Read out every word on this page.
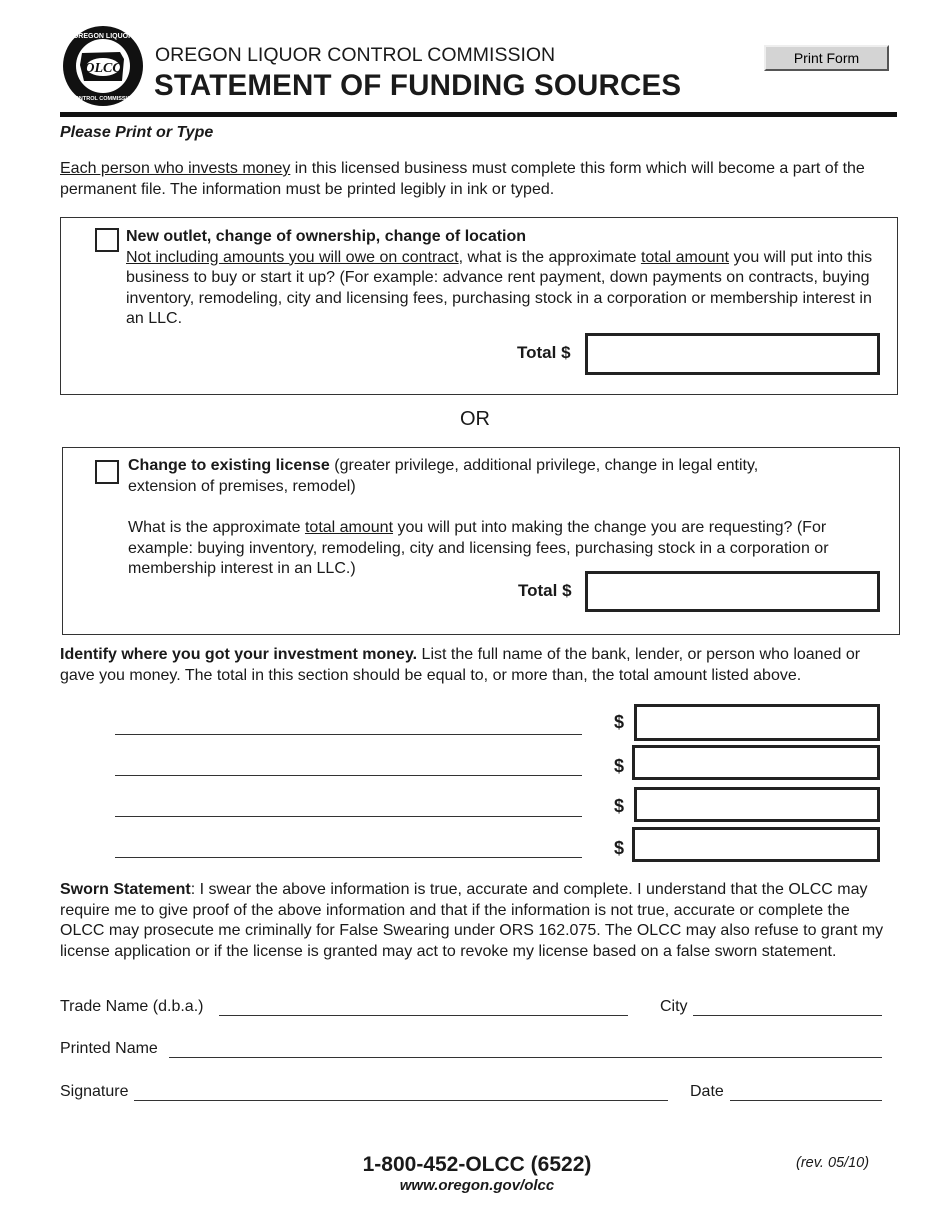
OLCC
OREGON LIQUOR
CONTROL COMMISSION
OREGON LIQUOR CONTROL COMMISSION
STATEMENT OF FUNDING SOURCES
Print Form
Please Print or Type
Each person who invests money in this licensed business must complete this form which will become a part of the permanent file. The information must be printed legibly in ink or typed.
New outlet, change of ownership, change of location
Not including amounts you will owe on contract, what is the approximate total amount you will put into this business to buy or start it up? (For example: advance rent payment, down payments on contracts, buying inventory, remodeling, city and licensing fees, purchasing stock in a corporation or membership interest in an LLC.
Total $
OR
Change to existing license (greater privilege, additional privilege, change in legal entity, extension of premises, remodel)
What is the approximate total amount you will put into making the change you are requesting? (For example: buying inventory, remodeling, city and licensing fees, purchasing stock in a corporation or membership interest in an LLC.)
Total $
Identify where you got your investment money. List the full name of the bank, lender, or person who loaned or gave you money. The total in this section should be equal to, or more than, the total amount listed above.
$
$
$
$
Sworn Statement: I swear the above information is true, accurate and complete. I understand that the OLCC may require me to give proof of the above information and that if the information is not true, accurate or complete the OLCC may prosecute me criminally for False Swearing under ORS 162.075. The OLCC may also refuse to grant my license application or if the license is granted may act to revoke my license based on a false sworn statement.
Trade Name (d.b.a.)	City
Printed Name
Signature	Date
1-800-452-OLCC (6522)
www.oregon.gov/olcc
(rev. 05/10)
